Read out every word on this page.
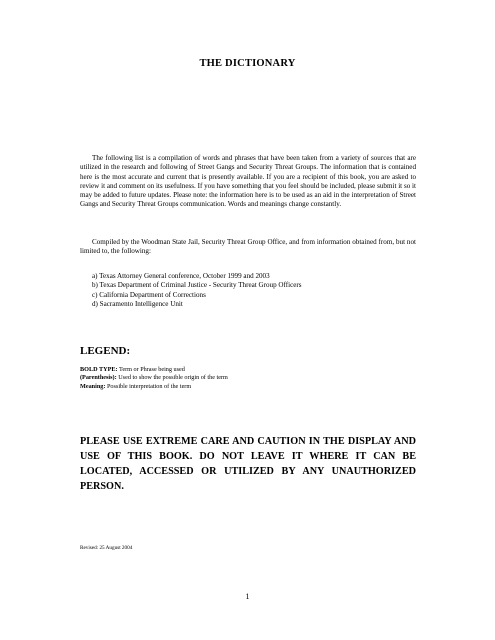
THE DICTIONARY

The following list is a compilation of words and phrases that have been taken from a variety of sources that are utilized in the research and following of Street Gangs and Security Threat Groups. The information that is contained here is the most accurate and current that is presently available. If you are a recipient of this book, you are asked to review it and comment on its usefulness. If you have something that you feel should be included, please submit it so it may be added to future updates. Please note: the information here is to be used as an aid in the interpretation of Street Gangs and Security Threat Groups communication. Words and meanings change constantly.

Compiled by the Woodman State Jail, Security Threat Group Office, and from information obtained from, but not limited to, the following:

a) Texas Attorney General conference, October 1999 and 2003
b) Texas Department of Criminal Justice - Security Threat Group Officers
c) California Department of Corrections
d) Sacramento Intelligence Unit
LEGEND:
BOLD TYPE: Term or Phrase being used
(Parenthesis): Used to show the possible origin of the term
Meaning: Possible interpretation of the term

PLEASE USE EXTREME CARE AND CAUTION IN THE DISPLAY AND USE OF THIS BOOK. DO NOT LEAVE IT WHERE IT CAN BE LOCATED, ACCESSED OR UTILIZED BY ANY UNAUTHORIZED PERSON.

Revised: 25 August 2004
1
